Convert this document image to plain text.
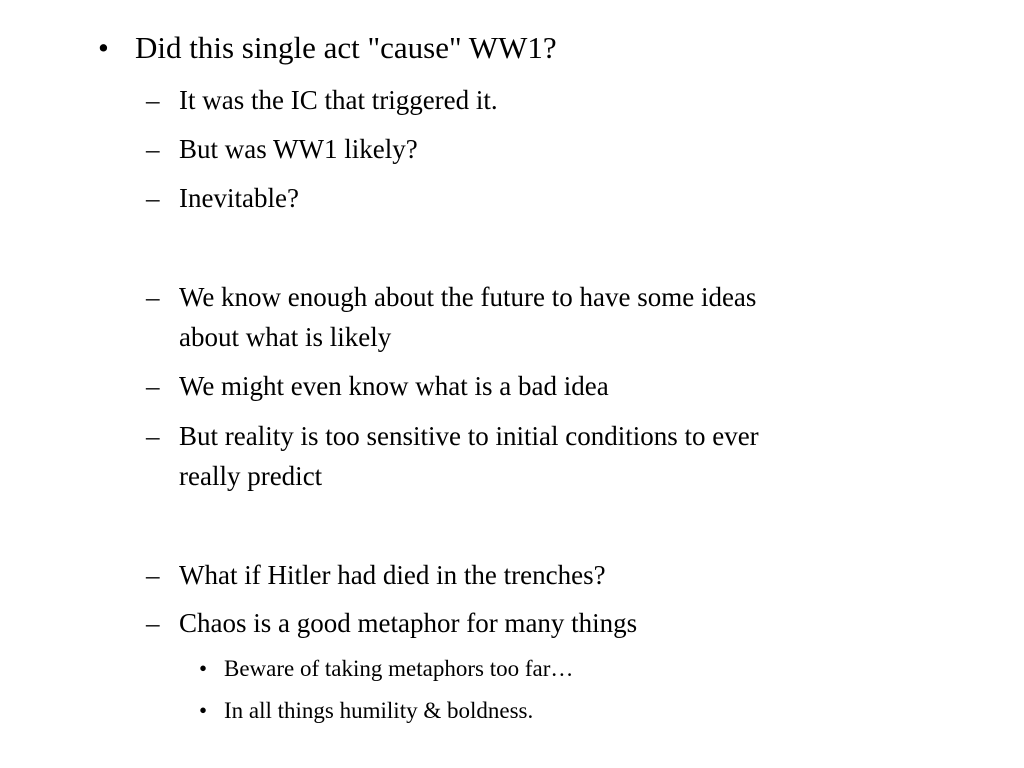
• Did this single act "cause" WW1?
– It was the IC that triggered it.
– But was WW1 likely?
– Inevitable?
– We know enough about the future to have some ideas
about what is likely
– We might even know what is a bad idea
– But reality is too sensitive to initial conditions to ever
really predict
– What if Hitler had died in the trenches?
– Chaos is a good metaphor for many things
• Beware of taking metaphors too far…
• In all things humility & boldness.
